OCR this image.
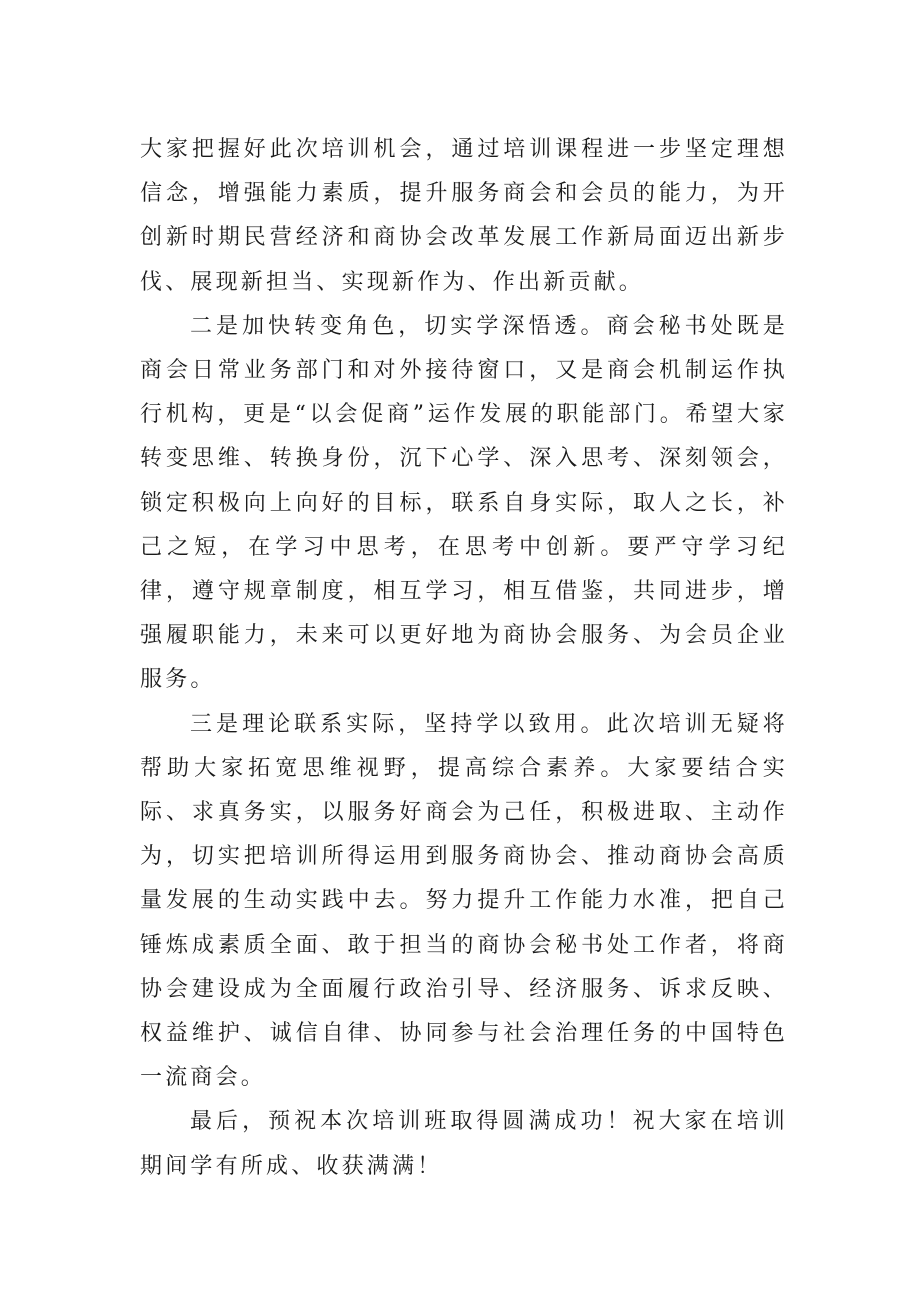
大家把握好此次培训机会，通过培训课程进一步坚定理想信念，增强能力素质，提升服务商会和会员的能力，为开创新时期民营经济和商协会改革发展工作新局面迈出新步伐、展现新担当、实现新作为、作出新贡献。

二是加快转变角色，切实学深悟透。商会秘书处既是商会日常业务部门和对外接待窗口，又是商会机制运作执行机构，更是“以会促商”运作发展的职能部门。希望大家转变思维、转换身份，沉下心学、深入思考、深刻领会，锁定积极向上向好的目标，联系自身实际，取人之长，补己之短，在学习中思考，在思考中创新。要严守学习纪律，遵守规章制度，相互学习，相互借鉴，共同进步，增强履职能力，未来可以更好地为商协会服务、为会员企业服务。

三是理论联系实际，坚持学以致用。此次培训无疑将帮助大家拓宽思维视野，提高综合素养。大家要结合实际、求真务实，以服务好商会为己任，积极进取、主动作为，切实把培训所得运用到服务商协会、推动商协会高质量发展的生动实践中去。努力提升工作能力水准，把自己锤炼成素质全面、敢于担当的商协会秘书处工作者，将商协会建设成为全面履行政治引导、经济服务、诉求反映、权益维护、诚信自律、协同参与社会治理任务的中国特色一流商会。

最后，预祝本次培训班取得圆满成功！祝大家在培训期间学有所成、收获满满！
